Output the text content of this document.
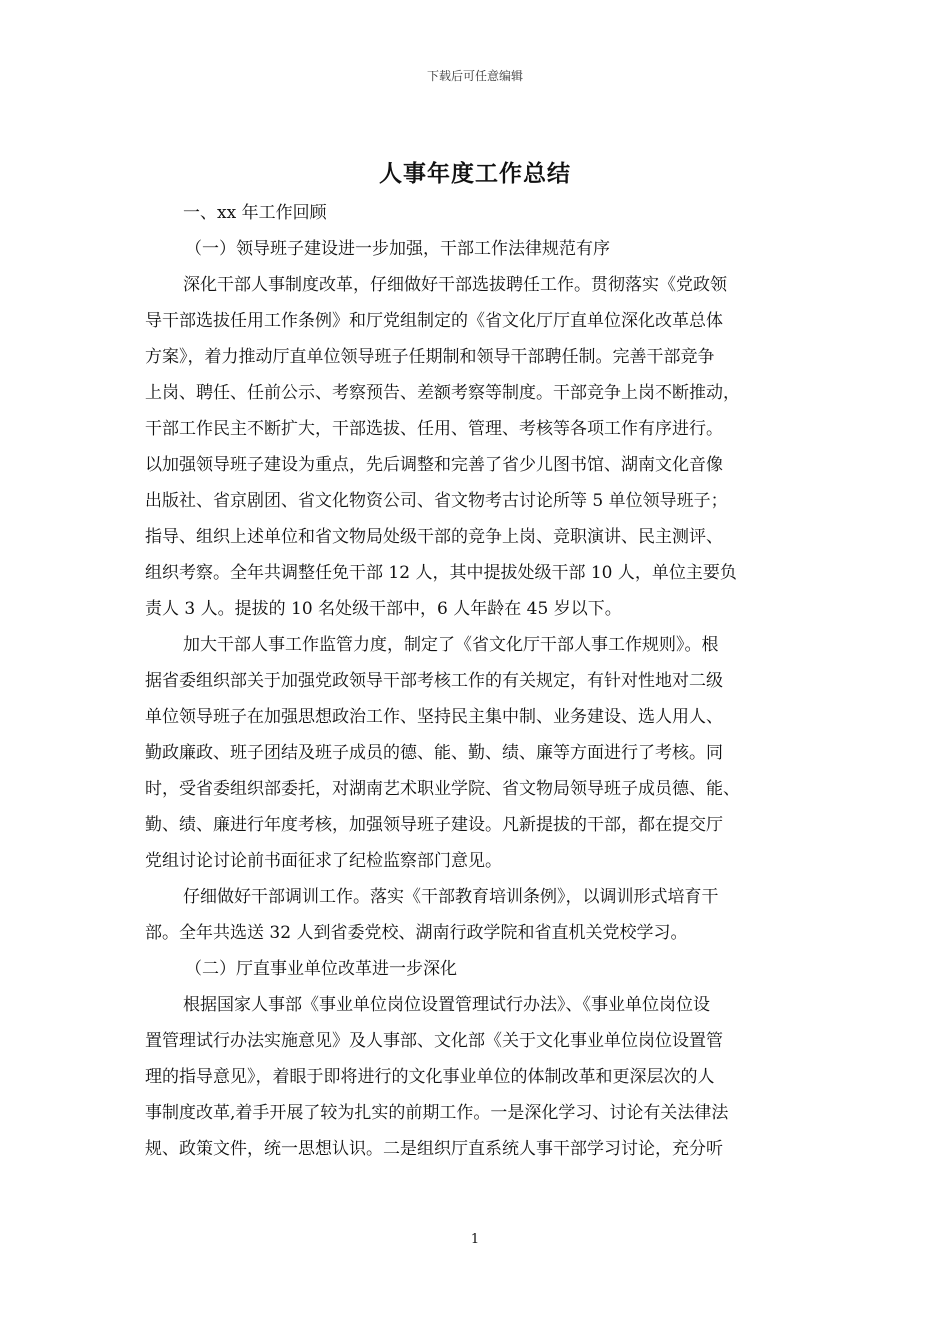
下载后可任意编辑
人事年度工作总结
一、xx 年工作回顾
（一）领导班子建设进一步加强，干部工作法律规范有序
深化干部人事制度改革，仔细做好干部选拔聘任工作。贯彻落实《党政领
导干部选拔任用工作条例》和厅党组制定的《省文化厅厅直单位深化改革总体
方案》，着力推动厅直单位领导班子任期制和领导干部聘任制。完善干部竞争
上岗、聘任、任前公示、考察预告、差额考察等制度。干部竞争上岗不断推动，
干部工作民主不断扩大，干部选拔、任用、管理、考核等各项工作有序进行。
以加强领导班子建设为重点，先后调整和完善了省少儿图书馆、湖南文化音像
出版社、省京剧团、省文化物资公司、省文物考古讨论所等 5 单位领导班子；
指导、组织上述单位和省文物局处级干部的竞争上岗、竞职演讲、民主测评、
组织考察。全年共调整任免干部 12 人，其中提拔处级干部 10 人，单位主要负
责人 3 人。提拔的 10 名处级干部中，6 人年龄在 45 岁以下。
加大干部人事工作监管力度，制定了《省文化厅干部人事工作规则》。根
据省委组织部关于加强党政领导干部考核工作的有关规定，有针对性地对二级
单位领导班子在加强思想政治工作、坚持民主集中制、业务建设、选人用人、
勤政廉政、班子团结及班子成员的德、能、勤、绩、廉等方面进行了考核。同
时，受省委组织部委托，对湖南艺术职业学院、省文物局领导班子成员德、能、
勤、绩、廉进行年度考核，加强领导班子建设。凡新提拔的干部，都在提交厅
党组讨论讨论前书面征求了纪检监察部门意见。
仔细做好干部调训工作。落实《干部教育培训条例》，以调训形式培育干
部。全年共选送 32 人到省委党校、湖南行政学院和省直机关党校学习。
（二）厅直事业单位改革进一步深化
根据国家人事部《事业单位岗位设置管理试行办法》、《事业单位岗位设
置管理试行办法实施意见》及人事部、文化部《关于文化事业单位岗位设置管
理的指导意见》，着眼于即将进行的文化事业单位的体制改革和更深层次的人
事制度改革,着手开展了较为扎实的前期工作。一是深化学习、讨论有关法律法
规、政策文件，统一思想认识。二是组织厅直系统人事干部学习讨论，充分听
1
